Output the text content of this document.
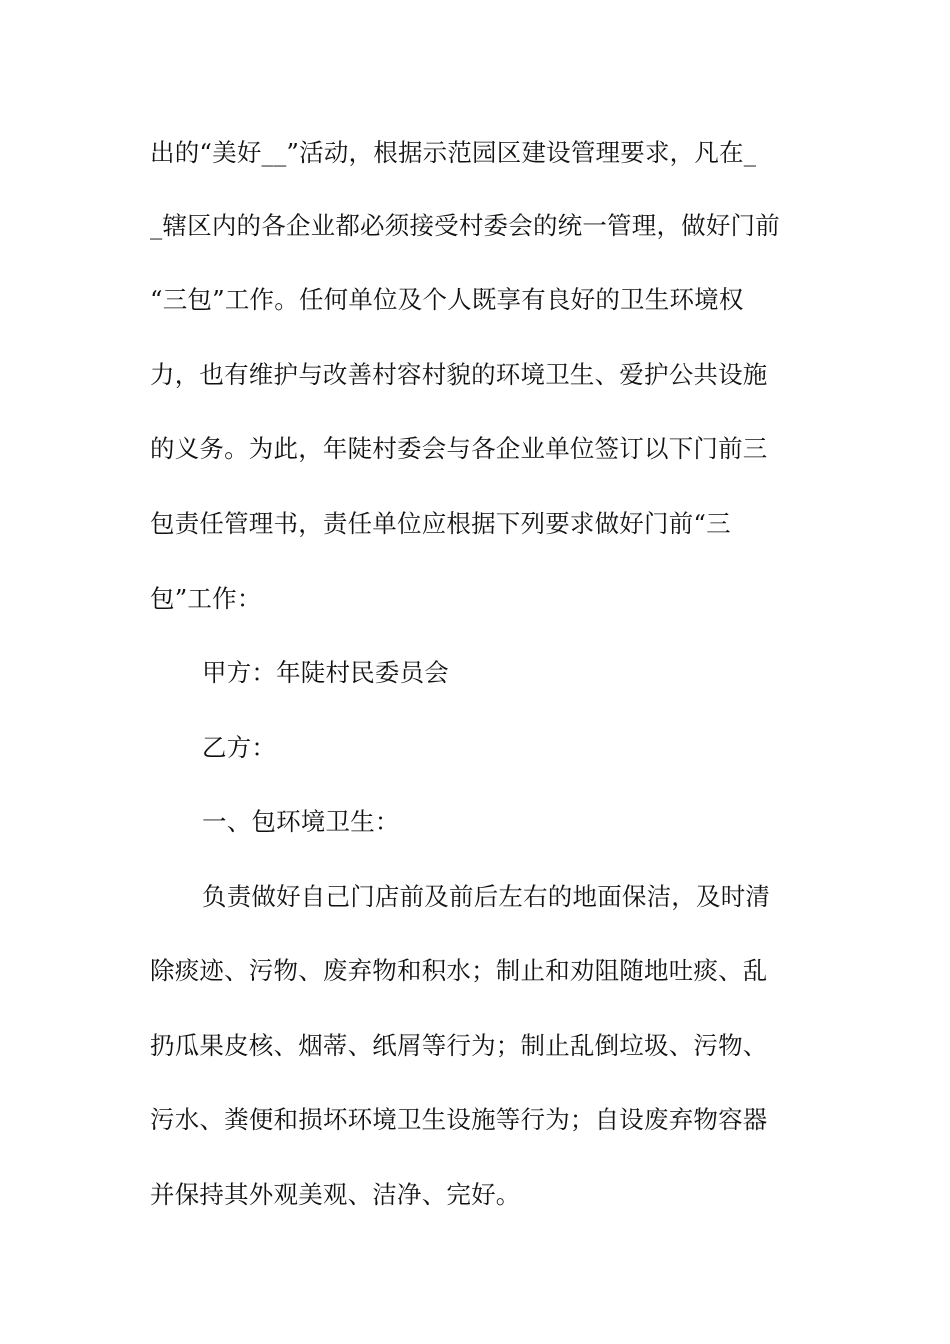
出的“美好__”活动，根据示范园区建设管理要求，凡在_
_辖区内的各企业都必须接受村委会的统一管理，做好门前
“三包”工作。任何单位及个人既享有良好的卫生环境权
力，也有维护与改善村容村貌的环境卫生、爱护公共设施
的义务。为此，年陡村委会与各企业单位签订以下门前三
包责任管理书，责任单位应根据下列要求做好门前“三
包”工作：
甲方：年陡村民委员会
乙方：
一、包环境卫生：
负责做好自己门店前及前后左右的地面保洁，及时清
除痰迹、污物、废弃物和积水；制止和劝阻随地吐痰、乱
扔瓜果皮核、烟蒂、纸屑等行为；制止乱倒垃圾、污物、
污水、粪便和损坏环境卫生设施等行为；自设废弃物容器
并保持其外观美观、洁净、完好。
